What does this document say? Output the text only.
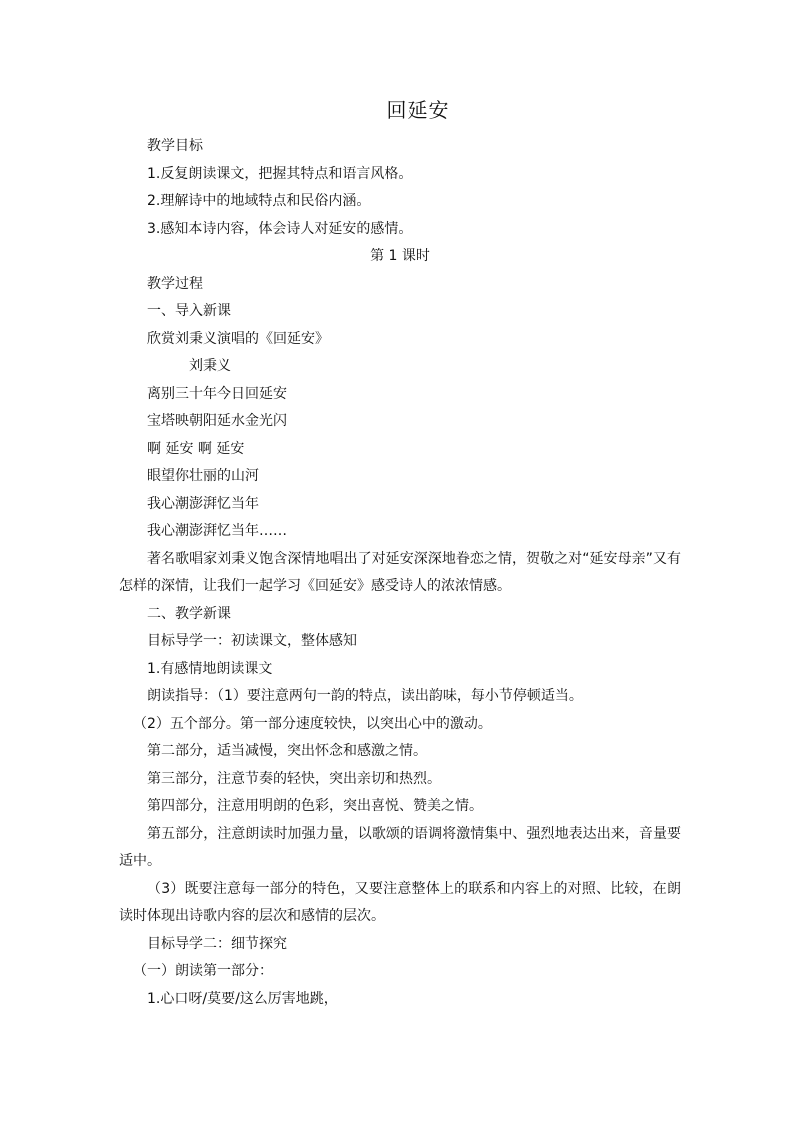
回延安

教学目标

1.反复朗读课文，把握其特点和语言风格。

2.理解诗中的地域特点和民俗内涵。

3.感知本诗内容，体会诗人对延安的感情。

第 1 课时

教学过程

一、导入新课

欣赏刘秉义演唱的《回延安》

刘秉义

离别三十年今日回延安

宝塔映朝阳延水金光闪

啊 延安 啊 延安

眼望你壮丽的山河

我心潮澎湃忆当年

我心潮澎湃忆当年……

著名歌唱家刘秉义饱含深情地唱出了对延安深深地眷恋之情，贺敬之对“延安母亲”又有怎样的深情，让我们一起学习《回延安》感受诗人的浓浓情感。

二、教学新课

目标导学一：初读课文，整体感知

1.有感情地朗读课文

朗读指导：（1）要注意两句一韵的特点，读出韵味，每小节停顿适当。

（2）五个部分。第一部分速度较快，以突出心中的激动。

第二部分，适当减慢，突出怀念和感激之情。

第三部分，注意节奏的轻快，突出亲切和热烈。

第四部分，注意用明朗的色彩，突出喜悦、赞美之情。

第五部分，注意朗读时加强力量，以歌颂的语调将激情集中、强烈地表达出来，音量要适中。

（3）既要注意每一部分的特色，又要注意整体上的联系和内容上的对照、比较，在朗读时体现出诗歌内容的层次和感情的层次。

目标导学二：细节探究

（一）朗读第一部分：

1.心口呀/莫要/这么厉害地跳，
